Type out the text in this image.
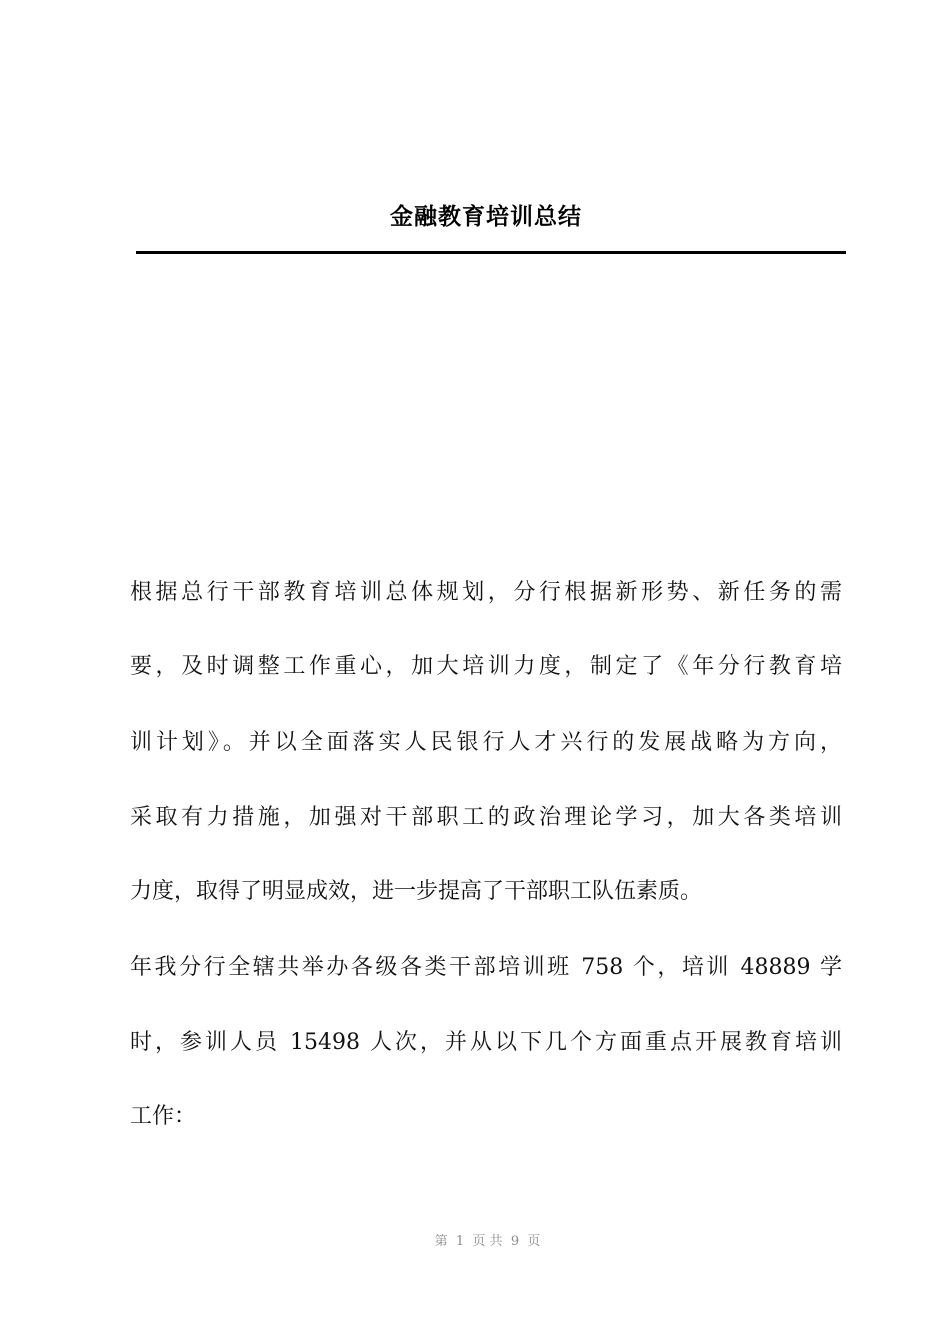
金融教育培训总结
根据总行干部教育培训总体规划，分行根据新形势、新任务的需
要，及时调整工作重心，加大培训力度，制定了《年分行教育培
训计划》。并以全面落实人民银行人才兴行的发展战略为方向，
采取有力措施，加强对干部职工的政治理论学习，加大各类培训
力度，取得了明显成效，进一步提高了干部职工队伍素质。
年我分行全辖共举办各级各类干部培训班 758 个，培训 48889 学
时，参训人员 15498 人次，并从以下几个方面重点开展教育培训
工作：
第  1  页 共  9  页
